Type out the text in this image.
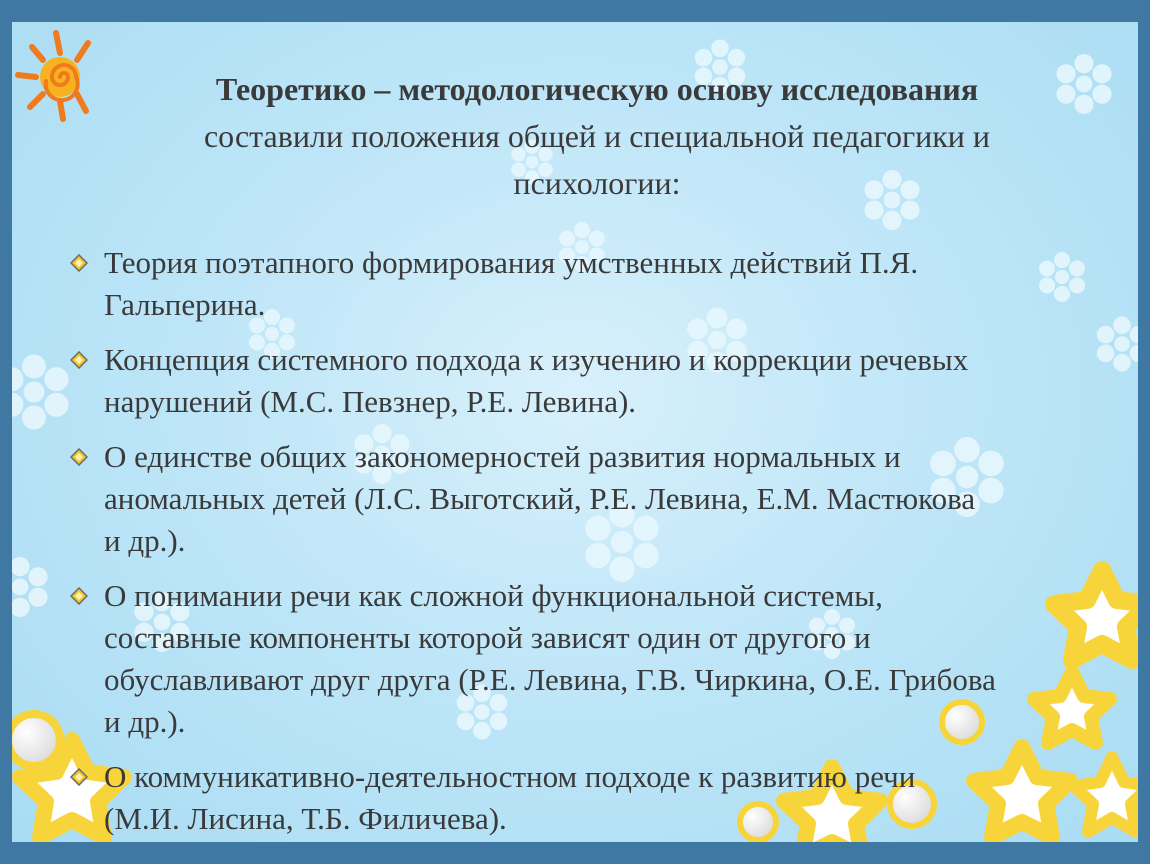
Теоретико – методологическую основу исследования
составили положения общей и специальной педагогики и
психологии:
Теория поэтапного формирования умственных действий П.Я.
Гальперина.
Концепция системного подхода к изучению и коррекции речевых
нарушений (М.С. Певзнер, Р.Е. Левина).
О единстве общих закономерностей развития нормальных и
аномальных детей (Л.С. Выготский, Р.Е. Левина, Е.М. Мастюкова
и др.).
О понимании речи как сложной функциональной системы,
составные компоненты которой зависят один от другого и
обуславливают друг друга (Р.Е. Левина, Г.В. Чиркина, О.Е. Грибова
и др.).
О коммуникативно-деятельностном подходе к развитию речи
(М.И. Лисина, Т.Б. Филичева).
